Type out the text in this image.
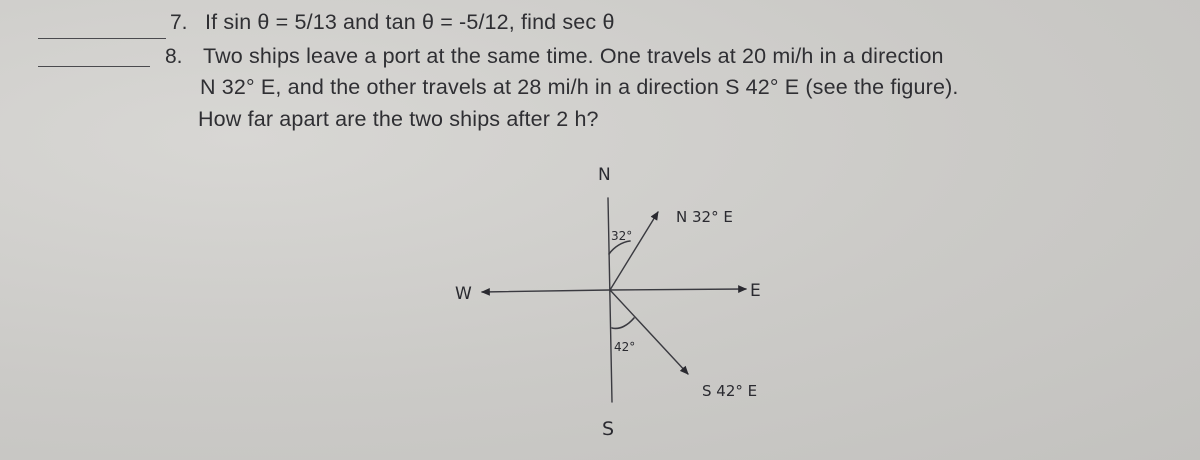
7. If sin θ = 5/13 and tan θ = -5/12, find sec θ
8. Two ships leave a port at the same time. One travels at 20 mi/h in a direction
N 32° E, and the other travels at 28 mi/h in a direction S 42° E (see the figure).
How far apart are the two ships after 2 h?
N
S
E
W
32°
42°
N 32° E
S 42° E
